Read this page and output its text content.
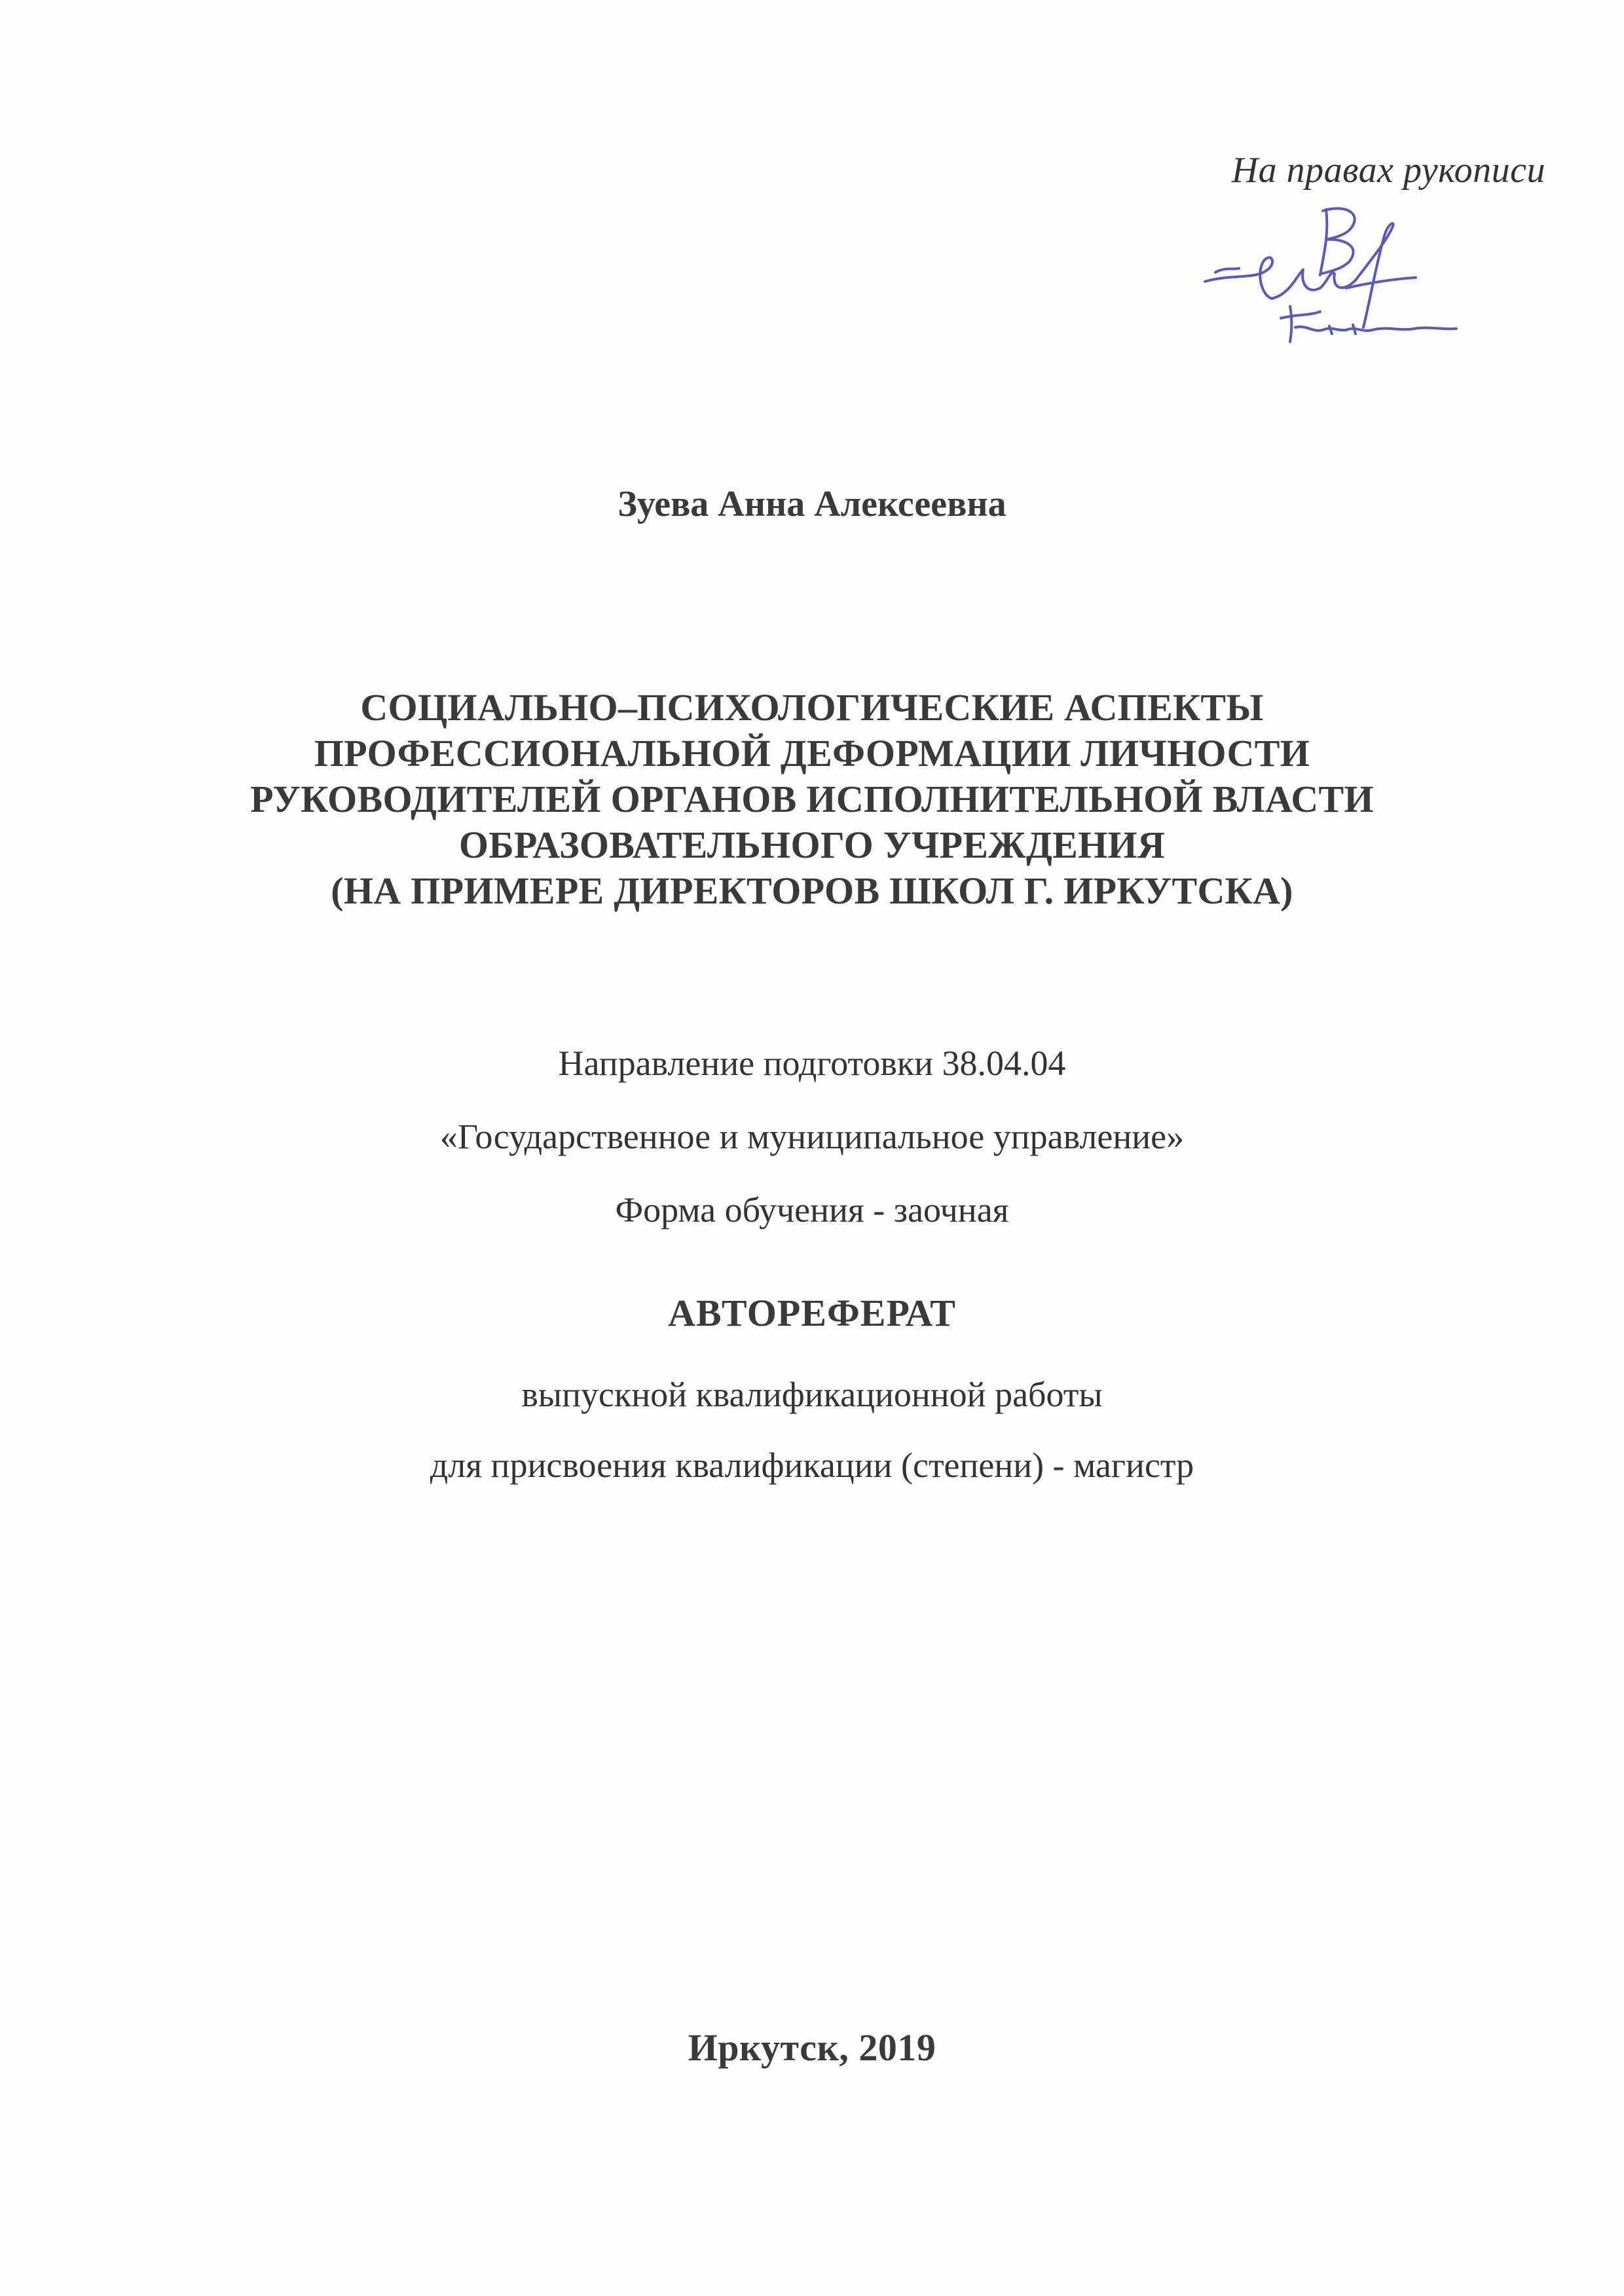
На правах рукописи
Зуева Анна Алексеевна
СОЦИАЛЬНО–ПСИХОЛОГИЧЕСКИЕ АСПЕКТЫ
ПРОФЕССИОНАЛЬНОЙ ДЕФОРМАЦИИ ЛИЧНОСТИ
РУКОВОДИТЕЛЕЙ ОРГАНОВ ИСПОЛНИТЕЛЬНОЙ ВЛАСТИ
ОБРАЗОВАТЕЛЬНОГО УЧРЕЖДЕНИЯ
(НА ПРИМЕРЕ ДИРЕКТОРОВ ШКОЛ Г. ИРКУТСКА)
Направление подготовки 38.04.04
«Государственное и муниципальное управление»
Форма обучения - заочная
АВТОРЕФЕРАТ
выпускной квалификационной работы
для присвоения квалификации (степени) - магистр
Иркутск, 2019
